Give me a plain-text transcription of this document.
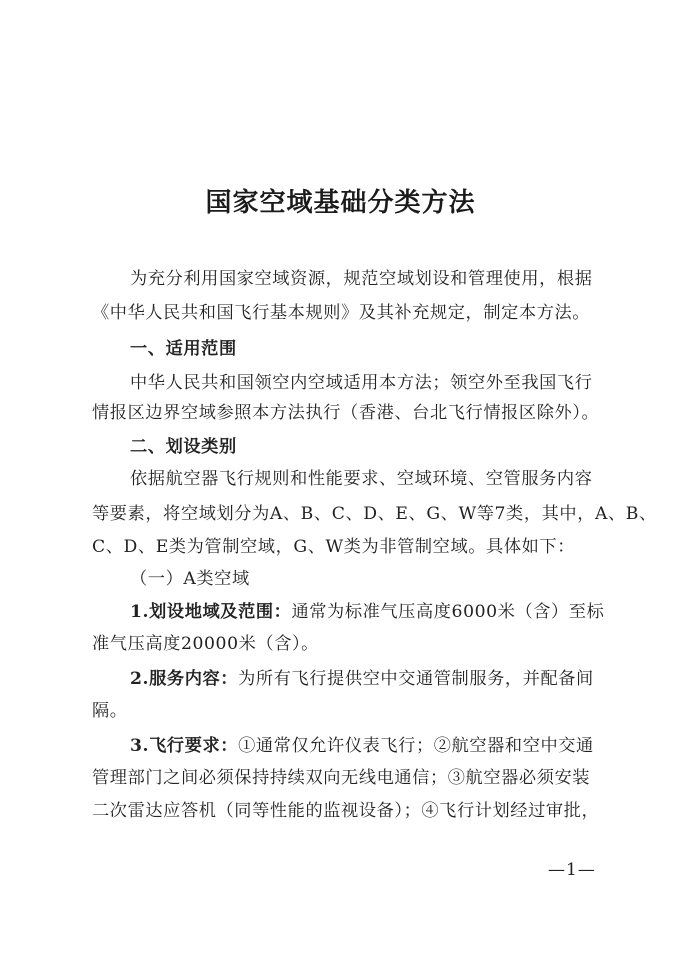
国家空域基础分类方法
为充分利用国家空域资源，规范空域划设和管理使用，根据
《中华人民共和国飞行基本规则》及其补充规定，制定本方法。
一、适用范围
中华人民共和国领空内空域适用本方法；领空外至我国飞行
情报区边界空域参照本方法执行（香港、台北飞行情报区除外）。
二、划设类别
依据航空器飞行规则和性能要求、空域环境、空管服务内容
等要素，将空域划分为A、B、C、D、E、G、W等7类，其中，A、B、
C、D、E类为管制空域，G、W类为非管制空域。具体如下：
（一）A类空域
1.划设地域及范围：通常为标准气压高度6000米（含）至标
准气压高度20000米（含）。
2.服务内容：为所有飞行提供空中交通管制服务，并配备间
隔。
3.飞行要求：①通常仅允许仪表飞行；②航空器和空中交通
管理部门之间必须保持持续双向无线电通信；③航空器必须安装
二次雷达应答机（同等性能的监视设备）；④飞行计划经过审批，
—1—
